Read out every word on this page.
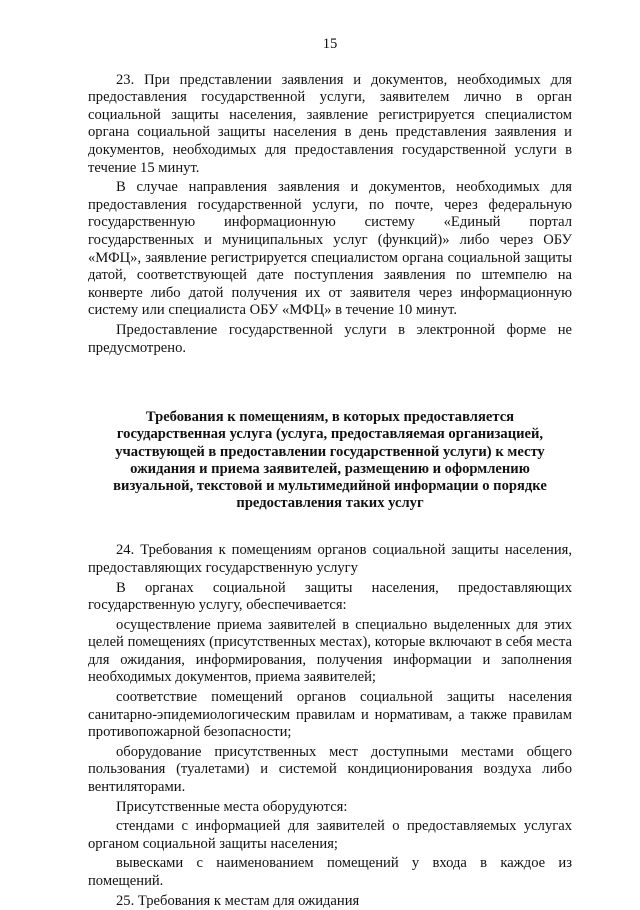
15

23. При представлении заявления и документов, необходимых для предоставления государственной услуги, заявителем лично в орган социальной защиты населения, заявление регистрируется специалистом органа социальной защиты населения в день представления заявления и документов, необходимых для предоставления государственной услуги в течение 15 минут.

В случае направления заявления и документов, необходимых для предоставления государственной услуги, по почте, через федеральную государственную информационную систему «Единый портал государственных и муниципальных услуг (функций)» либо через ОБУ «МФЦ», заявление регистрируется специалистом органа социальной защиты датой, соответствующей дате поступления заявления по штемпелю на конверте либо датой получения их от заявителя через информационную систему или специалиста ОБУ «МФЦ» в течение 10 минут.

Предоставление государственной услуги в электронной форме не предусмотрено.

Требования к помещениям, в которых предоставляется
государственная услуга (услуга, предоставляемая организацией,
участвующей в предоставлении государственной услуги) к месту
ожидания и приема заявителей, размещению и оформлению
визуальной, текстовой и мультимедийной информации о порядке
предоставления таких услуг

24. Требования к помещениям органов социальной защиты населения, предоставляющих государственную услугу

В органах социальной защиты населения, предоставляющих государственную услугу, обеспечивается:

осуществление приема заявителей в специально выделенных для этих целей помещениях (присутственных местах), которые включают в себя места для ожидания, информирования, получения информации и заполнения необходимых документов, приема заявителей;

соответствие помещений органов социальной защиты населения санитарно-эпидемиологическим правилам и нормативам, а также правилам противопожарной безопасности;

оборудование присутственных мест доступными местами общего пользования (туалетами) и системой кондиционирования воздуха либо вентиляторами.

Присутственные места оборудуются:

стендами с информацией для заявителей о предоставляемых услугах органом социальной защиты населения;

вывесками с наименованием помещений у входа в каждое из помещений.

25. Требования к местам для ожидания
